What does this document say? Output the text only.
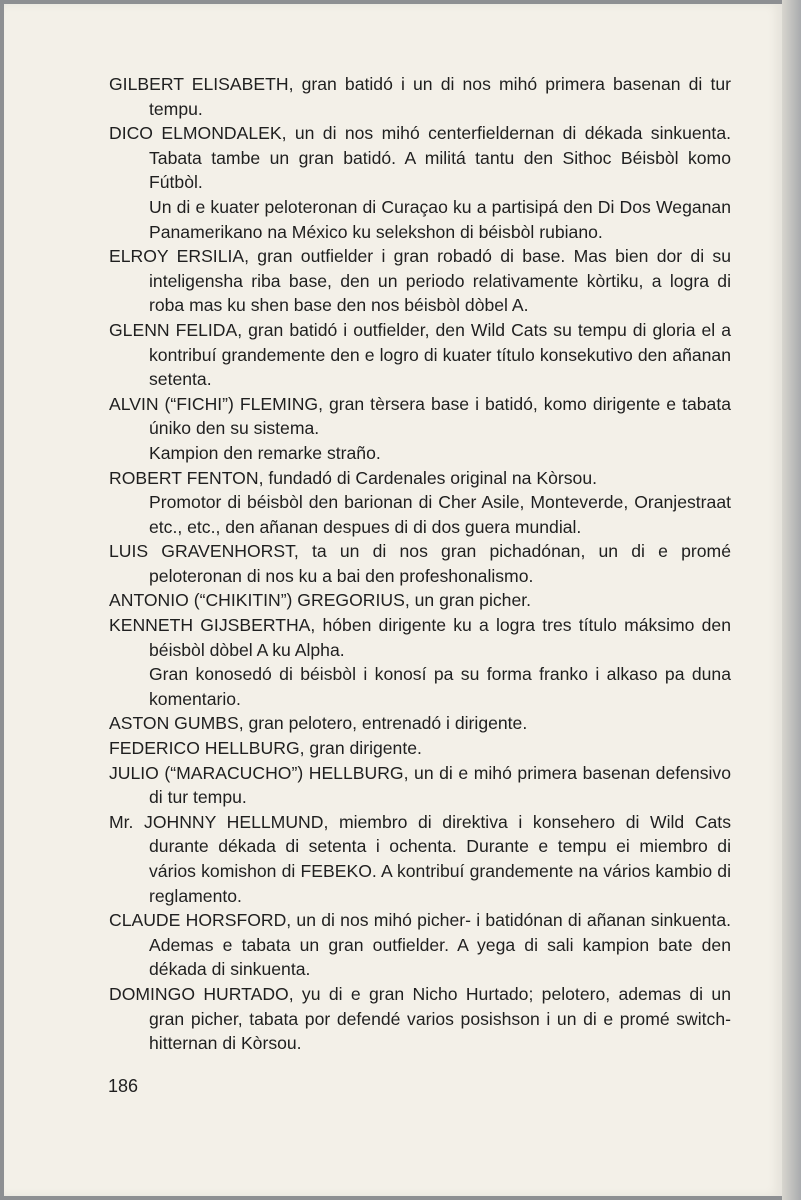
GILBERT ELISABETH, gran batidó i un di nos mihó primera basenan di tur tempu.

DICO ELMONDALEK, un di nos mihó centerfieldernan di dékada sinkuenta. Tabata tambe un gran batidó. A militá tantu den Sithoc Béisbòl komo Fútbòl.

Un di e kuater peloteronan di Curaçao ku a partisipá den Di Dos Weganan Panamerikano na México ku selekshon di béisbòl rubiano.

ELROY ERSILIA, gran outfielder i gran robadó di base. Mas bien dor di su inteligensha riba base, den un periodo relativamente kòrtiku, a logra di roba mas ku shen base den nos béisbòl dòbel A.

GLENN FELIDA, gran batidó i outfielder, den Wild Cats su tempu di gloria el a kontribuí grandemente den e logro di kuater título konsekutivo den añanan setenta.

ALVIN (“FICHI”) FLEMING, gran tèrsera base i batidó, komo dirigente e tabata úniko den su sistema.

Kampion den remarke straño.

ROBERT FENTON, fundadó di Cardenales original na Kòrsou.

Promotor di béisbòl den barionan di Cher Asile, Monteverde, Oranjestraat etc., etc., den añanan despues di di dos guera mundial.

LUIS GRAVENHORST, ta un di nos gran pichadónan, un di e promé peloteronan di nos ku a bai den profeshonalismo.

ANTONIO (“CHIKITIN”) GREGORIUS, un gran picher.

KENNETH GIJSBERTHA, hóben dirigente ku a logra tres título máksimo den béisbòl dòbel A ku Alpha.

Gran konosedó di béisbòl i konosí pa su forma franko i alkaso pa duna komentario.

ASTON GUMBS, gran pelotero, entrenadó i dirigente.

FEDERICO HELLBURG, gran dirigente.

JULIO (“MARACUCHO”) HELLBURG, un di e mihó primera basenan defensivo di tur tempu.

Mr. JOHNNY HELLMUND, miembro di direktiva i konsehero di Wild Cats durante dékada di setenta i ochenta. Durante e tempu ei miembro di vários komishon di FEBEKO. A kontribuí grandemente na vários kambio di reglamento.

CLAUDE HORSFORD, un di nos mihó picher- i batidónan di añanan sinkuenta. Ademas e tabata un gran outfielder. A yega di sali kampion bate den dékada di sinkuenta.

DOMINGO HURTADO, yu di e gran Nicho Hurtado; pelotero, ademas di un gran picher, tabata por defendé varios posishson i un di e promé switch-hitternan di Kòrsou.

186
